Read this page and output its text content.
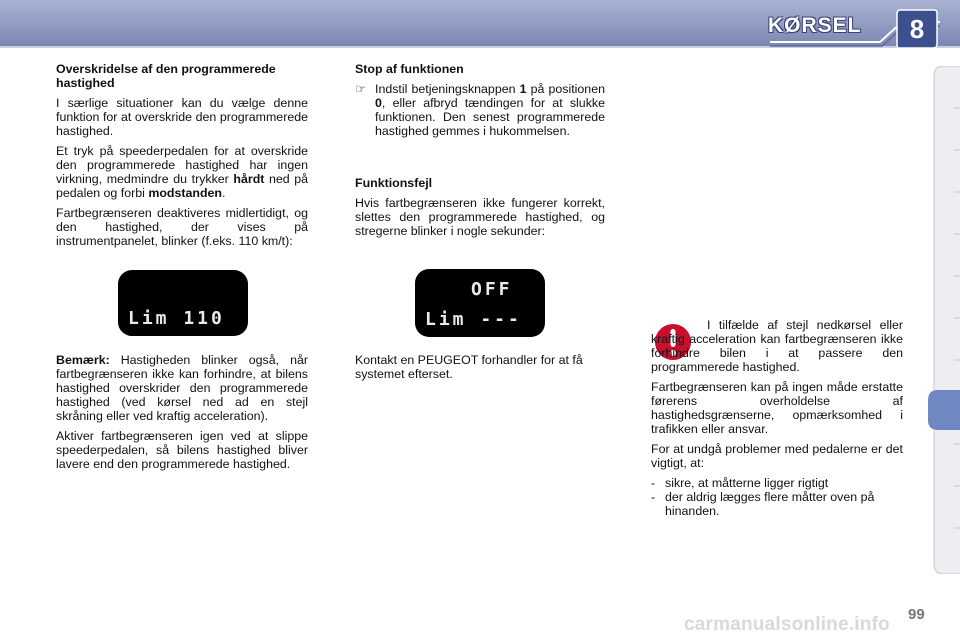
KØRSEL 8
Overskridelse af den programmerede hastighed

I særlige situationer kan du vælge denne funktion for at overskride den programmerede hastighed.

Et tryk på speederpedalen for at overskride den programmerede hastighed har ingen virkning, medmindre du trykker hårdt ned på pedalen og forbi modstanden.

Fartbegrænseren deaktiveres midlertidigt, og den hastighed, der vises på instrumentpanelet, blinker (f.eks. 110 km/t):

Lim 110

Bemærk: Hastigheden blinker også, når fartbegrænseren ikke kan forhindre, at bilens hastighed overskrider den programmerede hastighed (ved kørsel ned ad en stejl skråning eller ved kraftig acceleration).

Aktiver fartbegrænseren igen ved at slippe speederpedalen, så bilens hastighed bliver lavere end den programmerede hastighed.

Stop af funktionen
☞ Indstil betjeningsknappen 1 på positionen 0, eller afbryd tændingen for at slukke funktionen. Den senest programmerede hastighed gemmes i hukommelsen.

Funktionsfejl

Hvis fartbegrænseren ikke fungerer korrekt, slettes den programmerede hastighed, og stregerne blinker i nogle sekunder:

OFF
Lim ---

Kontakt en PEUGEOT forhandler for at få systemet efterset.

I tilfælde af stejl nedkørsel eller kraftig acceleration kan fartbegrænseren ikke forhindre bilen i at passere den programmerede hastighed.

Fartbegrænseren kan på ingen måde erstatte førerens overholdelse af hastighedsgrænserne, opmærksomhed i trafikken eller ansvar.

For at undgå problemer med pedalerne er det vigtigt, at:

- sikre, at måtterne ligger rigtigt
- der aldrig lægges flere måtter oven på hinanden.
99
carmanualsonline.info
